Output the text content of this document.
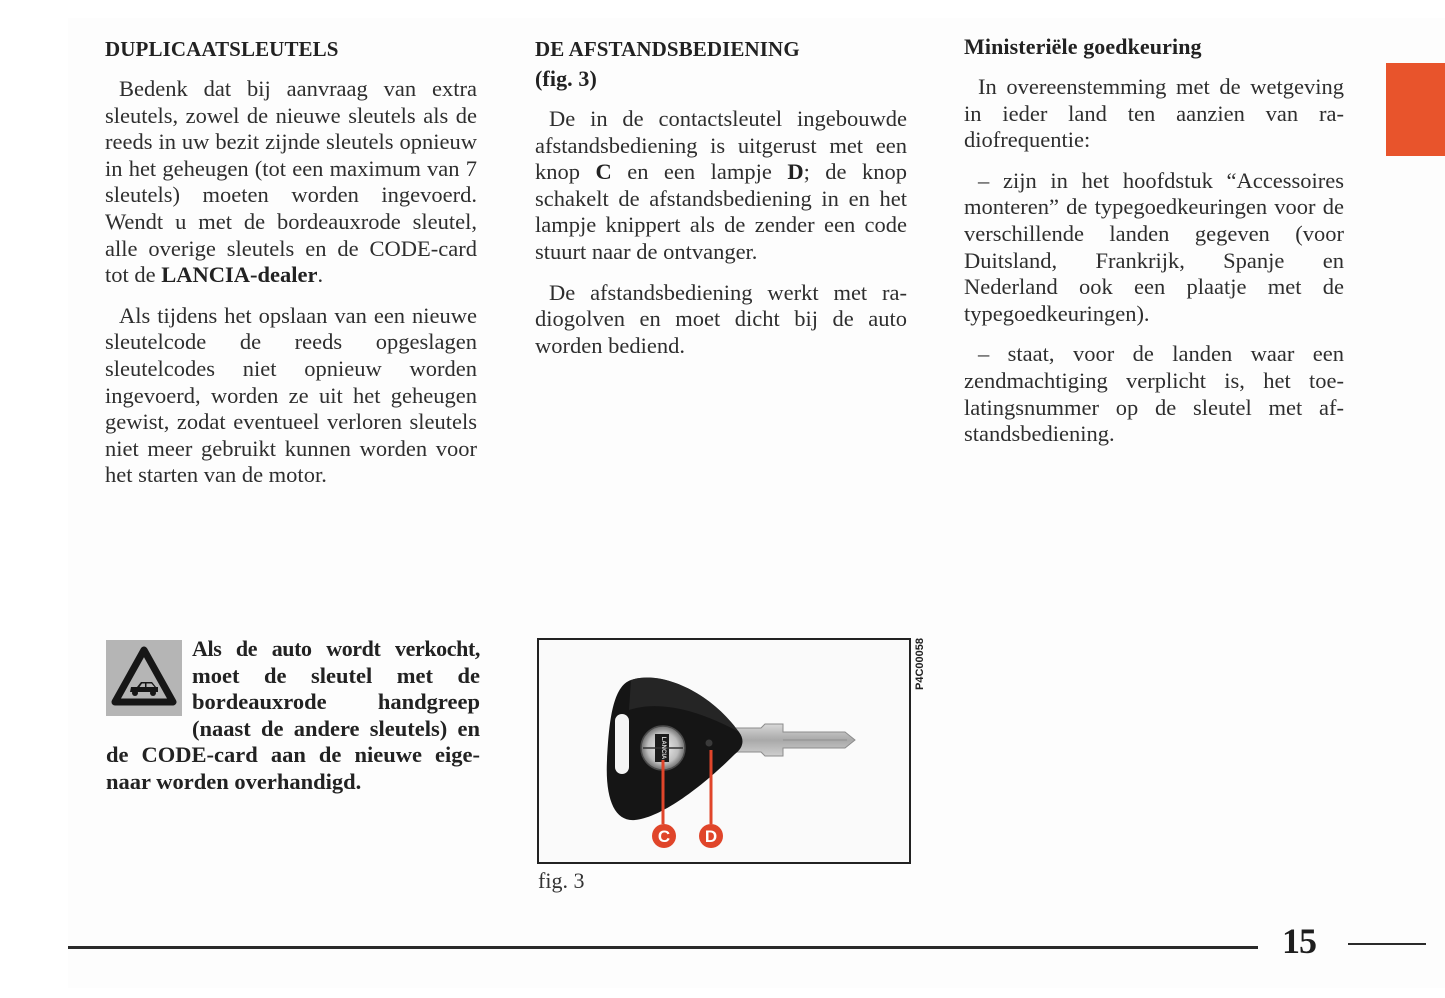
DUPLICAATSLEUTELS

Bedenk dat bij aanvraag van extra sleutels, zowel de nieuwe sleutels als de reeds in uw bezit zijnde sleutels opnieuw in het geheugen (tot een maximum van 7 sleutels) moeten worden ingevoerd. Wendt u met de bordeauxrode sleutel, alle overige sleutels en de CODE-card tot de LANCIA-dealer.

Als tijdens het opslaan van een nieuwe sleutelcode de reeds opgeslagen sleutelcodes niet opnieuw worden ingevoerd, worden ze uit het geheugen gewist, zodat eventueel verloren sleutels niet meer gebruikt kunnen worden voor het starten van de motor.

Als de auto wordt verkocht, moet de sleutel met de bordeauxrode handgreep (naast de andere sleutels) en de CODE-card aan de nieuwe eigenaar worden overhandigd.
DE AFSTANDSBEDIENING
(fig. 3)

De in de contactsleutel ingebouwde afstandsbediening is uitgerust met een knop C en een lampje D; de knop schakelt de afstandsbediening in en het lampje knippert als de zender een code stuurt naar de ontvanger.

De afstandsbediening werkt met radiogolven en moet dicht bij de auto worden bediend.

LANCIA
C D
P4C00058
fig. 3
Ministeriële goedkeuring

In overeenstemming met de wetgeving in ieder land ten aanzien van radiofrequentie:

– zijn in het hoofdstuk “Accessoires monteren” de typegoedkeuringen voor de verschillende landen gegeven (voor Duitsland, Frankrijk, Spanje en Nederland ook een plaatje met de typegoedkeuringen).

– staat, voor de landen waar een zendmachtiging verplicht is, het toelatingsnummer op de sleutel met afstandsbediening.

15
